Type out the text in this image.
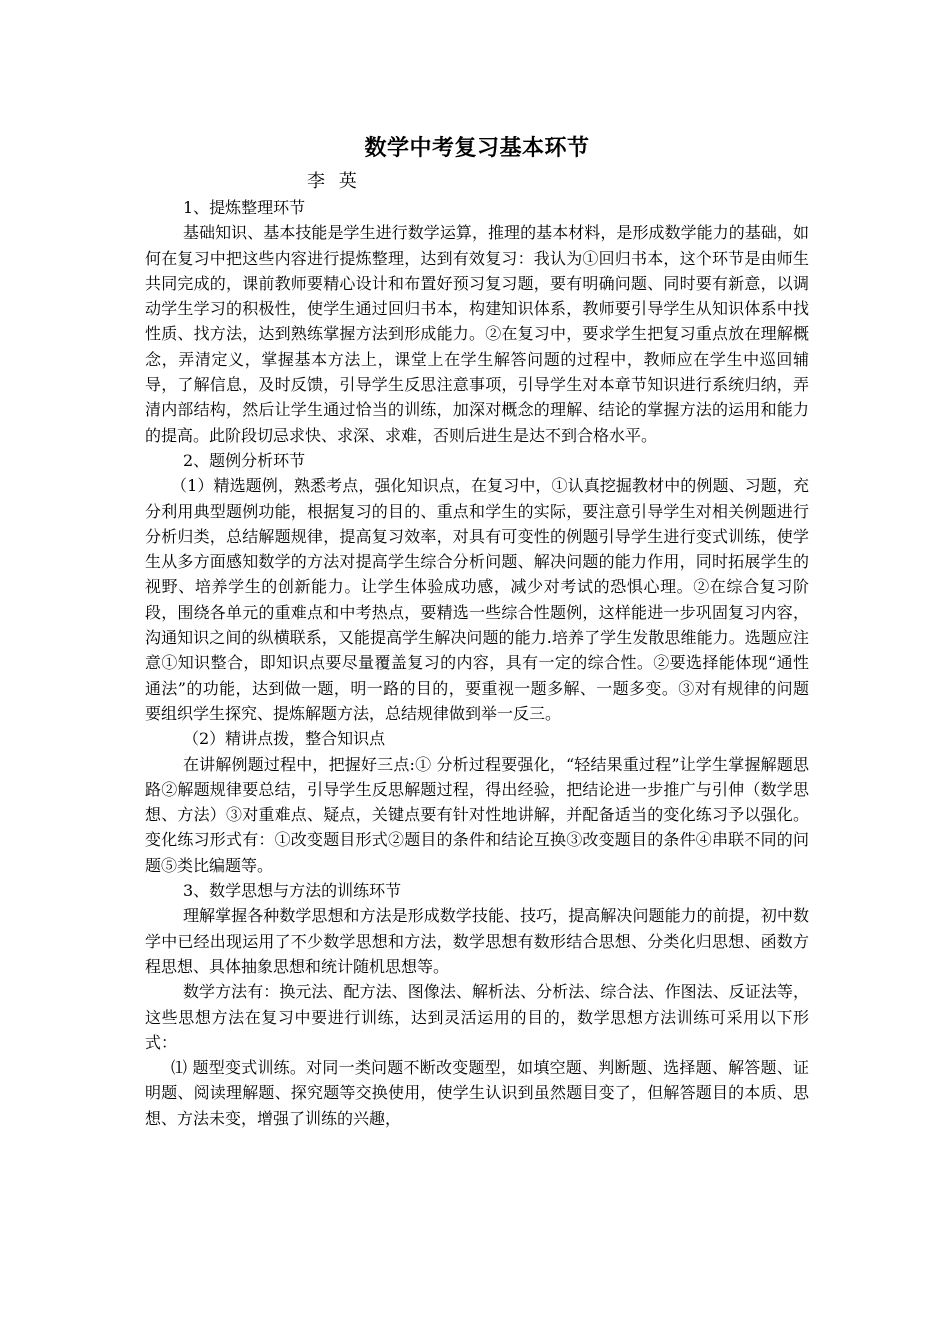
数学中考复习基本环节

李 英

1、提炼整理环节

基础知识、基本技能是学生进行数学运算，推理的基本材料，是形成数学能力的基础，如何在复习中把这些内容进行提炼整理，达到有效复习：我认为①回归书本，这个环节是由师生共同完成的，课前教师要精心设计和布置好预习复习题，要有明确问题、同时要有新意，以调动学生学习的积极性，使学生通过回归书本，构建知识体系，教师要引导学生从知识体系中找性质、找方法，达到熟练掌握方法到形成能力。②在复习中，要求学生把复习重点放在理解概念，弄清定义，掌握基本方法上，课堂上在学生解答问题的过程中，教师应在学生中巡回辅导，了解信息，及时反馈，引导学生反思注意事项，引导学生对本章节知识进行系统归纳，弄清内部结构，然后让学生通过恰当的训练，加深对概念的理解、结论的掌握方法的运用和能力的提高。此阶段切忌求快、求深、求难，否则后进生是达不到合格水平。

2、题例分析环节

（1）精选题例，熟悉考点，强化知识点，在复习中，①认真挖掘教材中的例题、习题，充分利用典型题例功能，根据复习的目的、重点和学生的实际，要注意引导学生对相关例题进行分析归类，总结解题规律，提高复习效率，对具有可变性的例题引导学生进行变式训练，使学生从多方面感知数学的方法对提高学生综合分析问题、解决问题的能力作用，同时拓展学生的视野、培养学生的创新能力。让学生体验成功感，减少对考试的恐惧心理。②在综合复习阶段，围绕各单元的重难点和中考热点，要精选一些综合性题例，这样能进一步巩固复习内容，沟通知识之间的纵横联系，又能提高学生解决问题的能力.培养了学生发散思维能力。选题应注意①知识整合，即知识点要尽量覆盖复习的内容，具有一定的综合性。②要选择能体现“通性通法”的功能，达到做一题，明一路的目的，要重视一题多解、一题多变。③对有规律的问题要组织学生探究、提炼解题方法，总结规律做到举一反三。

（2）精讲点拨，整合知识点

在讲解例题过程中，把握好三点:① 分析过程要强化，“轻结果重过程”让学生掌握解题思路②解题规律要总结，引导学生反思解题过程，得出经验，把结论进一步推广与引伸（数学思想、方法）③对重难点、疑点，关键点要有针对性地讲解，并配备适当的变化练习予以强化。变化练习形式有：①改变题目形式②题目的条件和结论互换③改变题目的条件④串联不同的问题⑤类比编题等。

3、数学思想与方法的训练环节

理解掌握各种数学思想和方法是形成数学技能、技巧，提高解决问题能力的前提，初中数学中已经出现运用了不少数学思想和方法，数学思想有数形结合思想、分类化归思想、函数方程思想、具体抽象思想和统计随机思想等。

数学方法有：换元法、配方法、图像法、解析法、分析法、综合法、作图法、反证法等，这些思想方法在复习中要进行训练，达到灵活运用的目的，数学思想方法训练可采用以下形式：

⑴ 题型变式训练。对同一类问题不断改变题型，如填空题、判断题、选择题、解答题、证明题、阅读理解题、探究题等交换使用，使学生认识到虽然题目变了，但解答题目的本质、思想、方法未变，增强了训练的兴趣，
